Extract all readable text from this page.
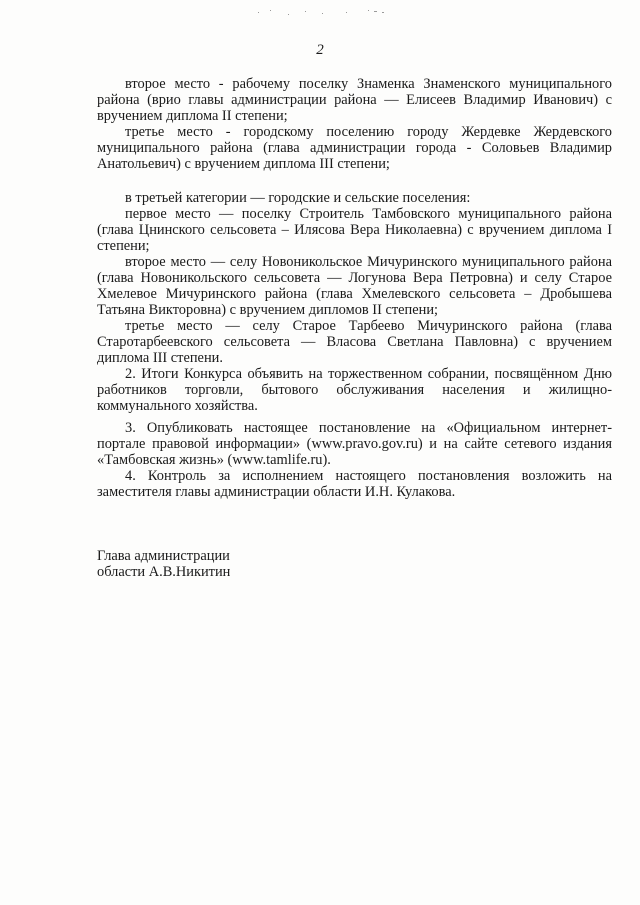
2

второе место - рабочему поселку Знаменка Знаменского муниципального района (врио главы администрации района — Елисеев Владимир Иванович) с вручением диплома II степени;

третье место - городскому поселению городу Жердевке Жердевского муниципального района (глава администрации города - Соловьев Владимир Анатольевич) с вручением диплома III степени;

в третьей категории — городские и сельские поселения:

первое место — поселку Строитель Тамбовского муниципального района (глава Цнинского сельсовета – Илясова Вера Николаевна) с вручением диплома I степени;

второе место — селу Новоникольское Мичуринского муниципального района (глава Новоникольского сельсовета — Логунова Вера Петровна) и селу Старое Хмелевое Мичуринского района (глава Хмелевского сельсовета – Дробышева Татьяна Викторовна) с вручением дипломов II степени;

третье место — селу Старое Тарбеево Мичуринского района (глава Старотарбеевского сельсовета — Власова Светлана Павловна) с вручением диплома III степени.

2. Итоги Конкурса объявить на торжественном собрании, посвящённом Дню работников торговли, бытового обслуживания населения и жилищно-коммунального хозяйства.

3. Опубликовать настоящее постановление на «Официальном интернет-портале правовой информации» (www.pravo.gov.ru) и на сайте сетевого издания «Тамбовская жизнь» (www.tamlife.ru).

4. Контроль за исполнением настоящего постановления возложить на заместителя главы администрации области И.Н. Кулакова.

Глава администрации
области А.В.Никитин
